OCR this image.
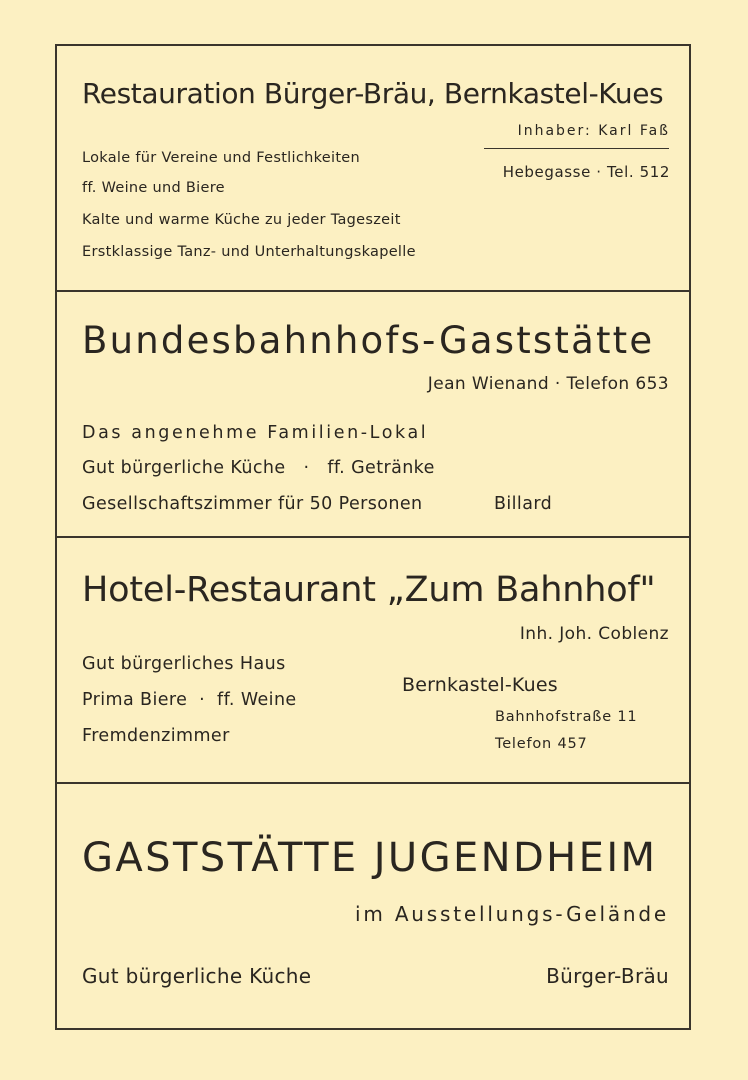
Restauration Bürger-Bräu, Bernkastel-Kues
Inhaber: Karl Faß
Hebegasse · Tel. 512
Lokale für Vereine und Festlichkeiten
ff. Weine und Biere
Kalte und warme Küche zu jeder Tageszeit
Erstklassige Tanz- und Unterhaltungskapelle
Bundesbahnhofs-Gaststätte
Jean Wienand · Telefon 653
Das angenehme Familien-Lokal
Gut bürgerliche Küche   ·   ff. Getränke
Gesellschaftszimmer für 50 Personen	Billard
Hotel-Restaurant „Zum Bahnhof"
Inh. Joh. Coblenz
Gut bürgerliches Haus
Prima Biere  ·  ff. Weine
Fremdenzimmer
Bernkastel-Kues
Bahnhofstraße 11
Telefon 457
GASTSTÄTTE JUGENDHEIM
im Ausstellungs-Gelände
Gut bürgerliche Küche	Bürger-Bräu
